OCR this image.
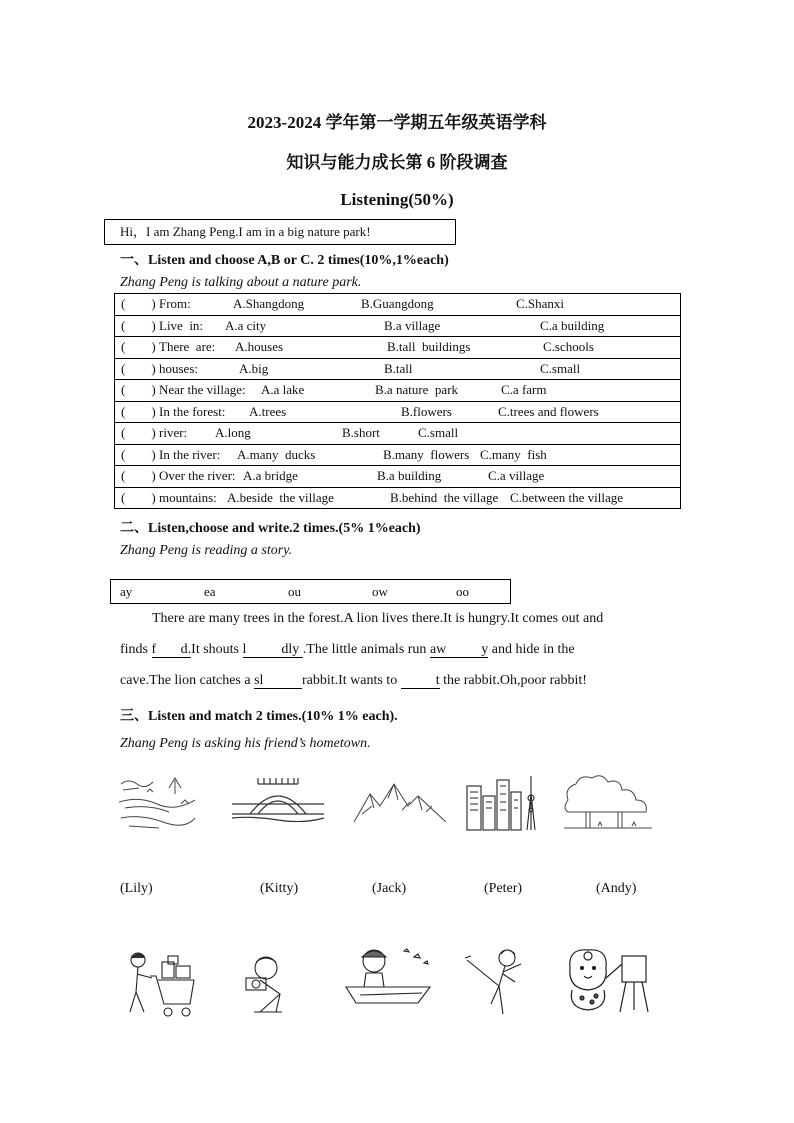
2023-2024 学年第一学期五年级英语学科
知识与能力成长第 6 阶段调查
Listening(50%)
Hi，I am Zhang Peng.I am in a big nature park!
一、Listen and choose A,B or C. 2 times(10%,1%each)
Zhang Peng is talking about a nature park.
(        ) From:	A.Shangdong	B.Guangdong	C.Shanxi
(        ) Live  in: A.a city	B.a village	C.a building
(        ) There  are: A.houses	B.tall  buildings	C.schools
(        ) houses:	A.big	B.tall	C.small
(        ) Near the village: A.a lake	B.a nature  park	C.a farm
(        ) In the forest: A.trees	B.flowers	C.trees and flowers
(        ) river: A.long	B.short	C.small
(        ) In the river: A.many  ducks	B.many  flowers C.many  fish
(        ) Over the river: A.a bridge	B.a building	C.a village
(        ) mountains: A.beside  the village	B.behind  the village C.between the village
二、Listen,choose and write.2 times.(5% 1%each)
Zhang Peng is reading a story.
ay	ea	ou	ow	oo
There are many trees in the forest.A lion lives there.It is hungry.It comes out and
finds f       d.It shouts l          dly .The little animals run aw          y and hide in the
cave.The lion catches a sl           rabbit.It wants to           t the rabbit.Oh,poor rabbit!
三、Listen and match 2 times.(10% 1% each).
Zhang Peng is asking his friend’s hometown.
(Lily)	(Kitty)	(Jack)	(Peter)	(Andy)
